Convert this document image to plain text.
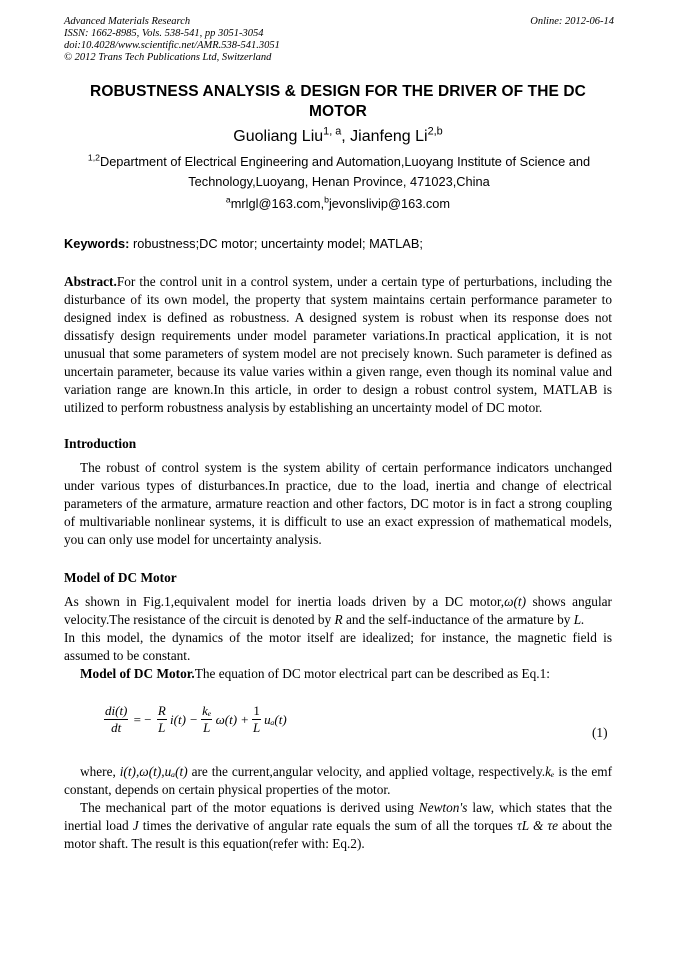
Advanced Materials Research
ISSN: 1662-8985, Vols. 538-541, pp 3051-3054
doi:10.4028/www.scientific.net/AMR.538-541.3051
© 2012 Trans Tech Publications Ltd, Switzerland
Online: 2012-06-14
ROBUSTNESS ANALYSIS & DESIGN FOR THE DRIVER OF THE DC
MOTOR
Guoliang Liu$^{1, a}$, Jianfeng Li$^{2,b}$
$^{1,2}$Department of Electrical Engineering and Automation,Luoyang Institute of Science and
Technology,Luoyang, Henan Province, 471023,China
$^a$mrlgl@163.com,$^b$jevonslivip@163.com
Keywords: robustness;DC motor; uncertainty model; MATLAB;

Abstract.For the control unit in a control system, under a certain type of perturbations, including the disturbance of its own model, the property that system maintains certain performance parameter to designed index is defined as robustness. A designed system is robust when its response does not dissatisfy design requirements under model parameter variations.In practical application, it is not unusual that some parameters of system model are not precisely known. Such parameter is defined as uncertain parameter, because its value varies within a given range, even though its nominal value and variation range are known.In this article, in order to design a robust control system, MATLAB is utilized to perform robustness analysis by establishing an uncertainty model of DC motor.

Introduction

The robust of control system is the system ability of certain performance indicators unchanged under various types of disturbances.In practice, due to the load, inertia and change of electrical parameters of the armature, armature reaction and other factors, DC motor is in fact a strong coupling of multivariable nonlinear systems, it is difficult to use an exact expression of mathematical models, you can only use model for uncertainty analysis.

Model of DC Motor

As shown in Fig.1,equivalent model for inertia loads driven by a DC motor,ω(t) shows angular velocity.The resistance of the circuit is denoted by R and the self-inductance of the armature by L.

In this model, the dynamics of the motor itself are idealized; for instance, the magnetic field is assumed to be constant.

Model of DC Motor.The equation of DC motor electrical part can be described as Eq.1:

$\frac{di(t)}{dt}$ = − $\frac{R}{L} i(t) - \frac{\text{kₑ}}{L} \omega(t) + \frac{1}{L} u_a(t)$
(1)

where, i(t),ω(t),uₐ(t) are the current,angular velocity, and applied voltage, respectively.kₑ is the emf constant, depends on certain physical properties of the motor.

The mechanical part of the motor equations is derived using Newton's law, which states that the inertial load J times the derivative of angular rate equals the sum of all the torques τL & τe about the motor shaft. The result is this equation(refer with: Eq.2).
